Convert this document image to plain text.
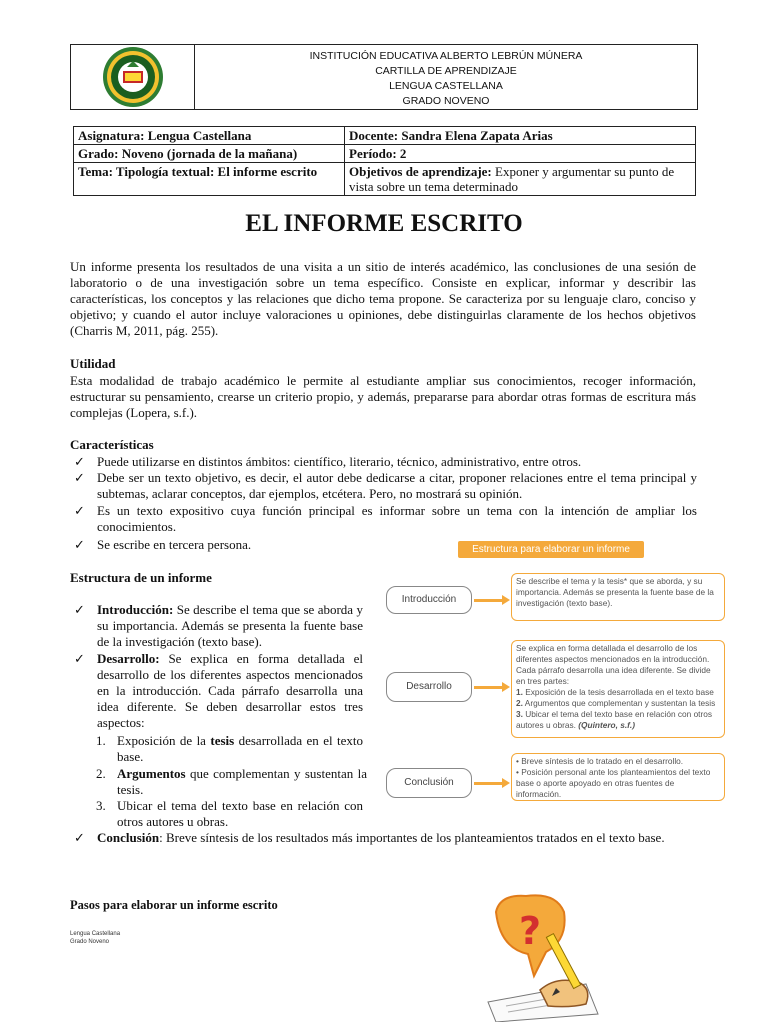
INSTITUCIÓN EDUCATIVA ALBERTO LEBRÚN MÚNERA
CARTILLA DE APRENDIZAJE
LENGUA CASTELLANA
GRADO NOVENO
Asignatura: Lengua Castellana	Docente: Sandra Elena Zapata Arias
Grado: Noveno (jornada de la mañana)	Período: 2
Tema: Tipología textual: El informe escrito	Objetivos de aprendizaje: Exponer y argumentar su punto de vista sobre un tema determinado
EL INFORME ESCRITO
Un informe presenta los resultados de una visita a un sitio de interés académico, las conclusiones de una sesión de laboratorio o de una investigación sobre un tema específico. Consiste en explicar, informar y describir las características, los conceptos y las relaciones que dicho tema propone. Se caracteriza por su lenguaje claro, conciso y objetivo; y cuando el autor incluye valoraciones u opiniones, debe distinguirlas claramente de los hechos objetivos (Charris M, 2011, pág. 255).
Utilidad
Esta modalidad de trabajo académico le permite al estudiante ampliar sus conocimientos, recoger información, estructurar su pensamiento, crearse un criterio propio, y además, prepararse para abordar otras formas de escritura más complejas (Lopera, s.f.).
Características
✓ Puede utilizarse en distintos ámbitos: científico, literario, técnico, administrativo, entre otros.
✓ Debe ser un texto objetivo, es decir, el autor debe dedicarse a citar, proponer relaciones entre el tema principal y subtemas, aclarar conceptos, dar ejemplos, etcétera. Pero, no mostrará su opinión.
✓ Es un texto expositivo cuya función principal es informar sobre un tema con la intención de ampliar los conocimientos.
✓ Se escribe en tercera persona.
Estructura de un informe
✓ Introducción: Se describe el tema que se aborda y su importancia. Además se presenta la fuente base de la investigación (texto base).
✓ Desarrollo: Se explica en forma detallada el desarrollo de los diferentes aspectos mencionados en la introducción. Cada párrafo desarrolla una idea diferente. Se deben desarrollar estos tres aspectos:
1. Exposición de la tesis desarrollada en el texto base.
2. Argumentos que complementan y sustentan la tesis.
3. Ubicar el tema del texto base en relación con otros autores u obras.
✓ Conclusión: Breve síntesis de los resultados más importantes de los planteamientos tratados en el texto base.
Estructura para elaborar un informe
Introducción
Se describe el tema y la tesis* que se aborda, y su importancia. Además se presenta la fuente base de la investigación (texto base).
Desarrollo
Se explica en forma detallada el desarrollo de los diferentes aspectos mencionados en la introducción. Cada párrafo desarrolla una idea diferente. Se divide en tres partes:
1. Exposición de la tesis desarrollada en el texto base
2. Argumentos que complementan y sustentan la tesis
3. Ubicar el tema del texto base en relación con otros autores u obras. (Quintero, s.f.)
Conclusión
• Breve síntesis de lo tratado en el desarrollo.
• Posición personal ante los planteamientos del texto base o aporte apoyado en otras fuentes de información.
Pasos para elaborar un informe escrito
Lengua Castellana
Grado Noveno	?
